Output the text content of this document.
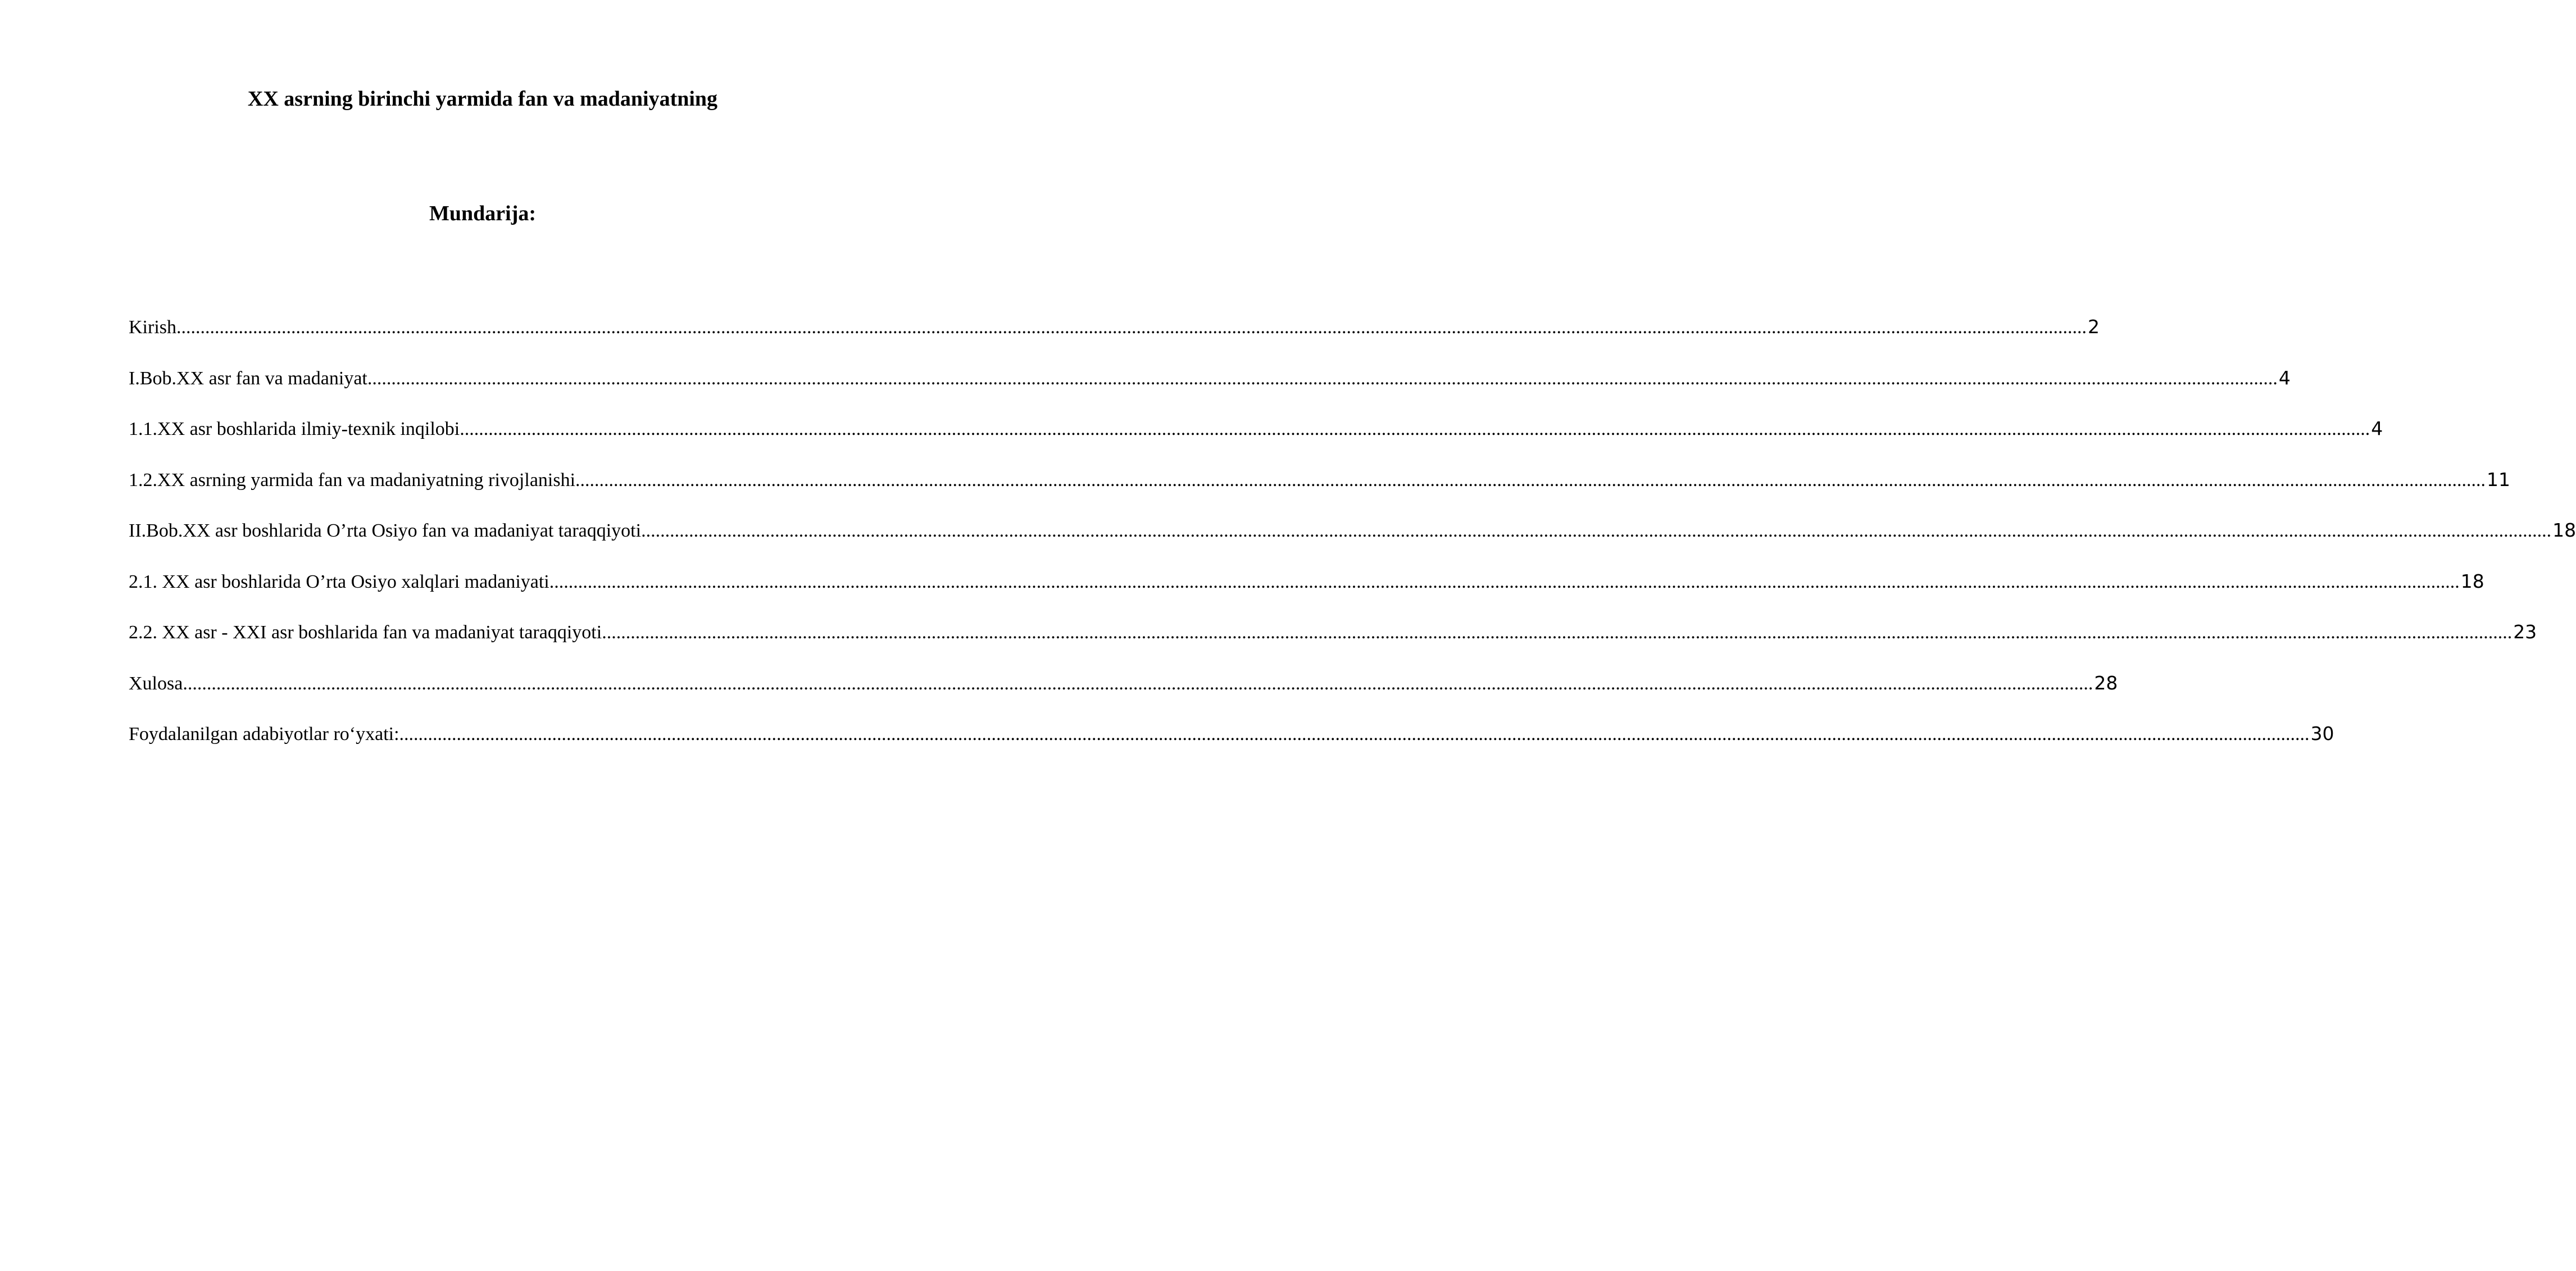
XX asrning birinchi yarmida fan va madaniyatning
Mundarija:
Kirish ................................................................................................................................................................................................................................................................................................................................................................................................................ 2
I.Bob.XX asr fan va madaniyat ................................................................................................................................................................................................................................................................................................................................................................................................................ 4
1.1.XX asr boshlarida ilmiy-texnik inqilobi ................................................................................................................................................................................................................................................................................................................................................................................................................ 4
1.2.XX asrning yarmida fan va madaniyatning rivojlanishi ................................................................................................................................................................................................................................................................................................................................................................................................................ 11
II.Bob.XX asr boshlarida O’rta Osiyo fan va madaniyat taraqqiyoti ................................................................................................................................................................................................................................................................................................................................................................................................................ 18
2.1. XX asr boshlarida O’rta Osiyo xalqlari madaniyati ................................................................................................................................................................................................................................................................................................................................................................................................................ 18
2.2. XX asr - XXI asr boshlarida fan va madaniyat taraqqiyoti ................................................................................................................................................................................................................................................................................................................................................................................................................ 23
Xulosa ................................................................................................................................................................................................................................................................................................................................................................................................................ 28
Foydalanilgan adabiyotlar ro‘yxati: ................................................................................................................................................................................................................................................................................................................................................................................................................ 30
